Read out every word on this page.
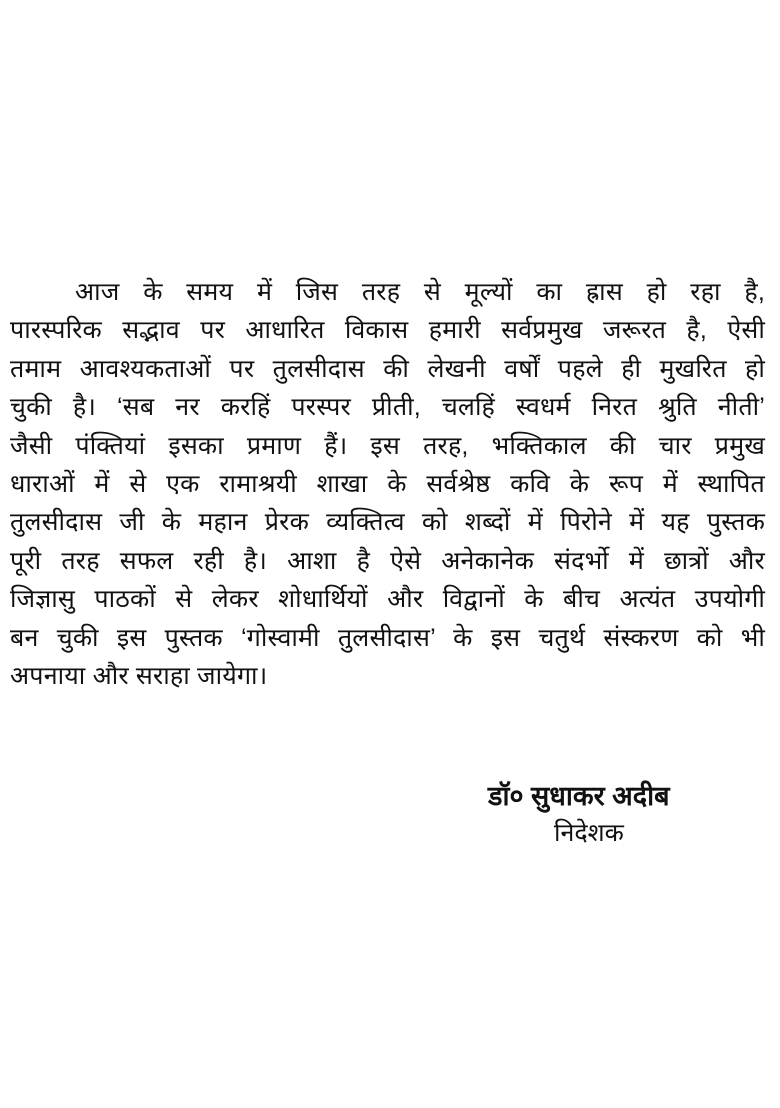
आज के समय में जिस तरह से मूल्यों का ह्रास हो रहा है,
पारस्परिक सद्भाव पर आधारित विकास हमारी सर्वप्रमुख जरूरत है, ऐसी
तमाम आवश्यकताओं पर तुलसीदास की लेखनी वर्षों पहले ही मुखरित हो
चुकी है। ‘सब नर करहिं परस्पर प्रीती, चलहिं स्वधर्म निरत श्रुति नीती’
जैसी पंक्तियां इसका प्रमाण हैं। इस तरह, भक्तिकाल की चार प्रमुख
धाराओं में से एक रामाश्रयी शाखा के सर्वश्रेष्ठ कवि के रूप में स्थापित
तुलसीदास जी के महान प्रेरक व्यक्तित्व को शब्दों में पिरोने में यह पुस्तक
पूरी तरह सफल रही है। आशा है ऐसे अनेकानेक संदर्भो में छात्रों और
जिज्ञासु पाठकों से लेकर शोधार्थियों और विद्वानों के बीच अत्यंत उपयोगी
बन चुकी इस पुस्तक ‘गोस्वामी तुलसीदास’ के इस चतुर्थ संस्करण को भी
अपनाया और सराहा जायेगा।
डॉ० सुधाकर अदीब
निदेशक
